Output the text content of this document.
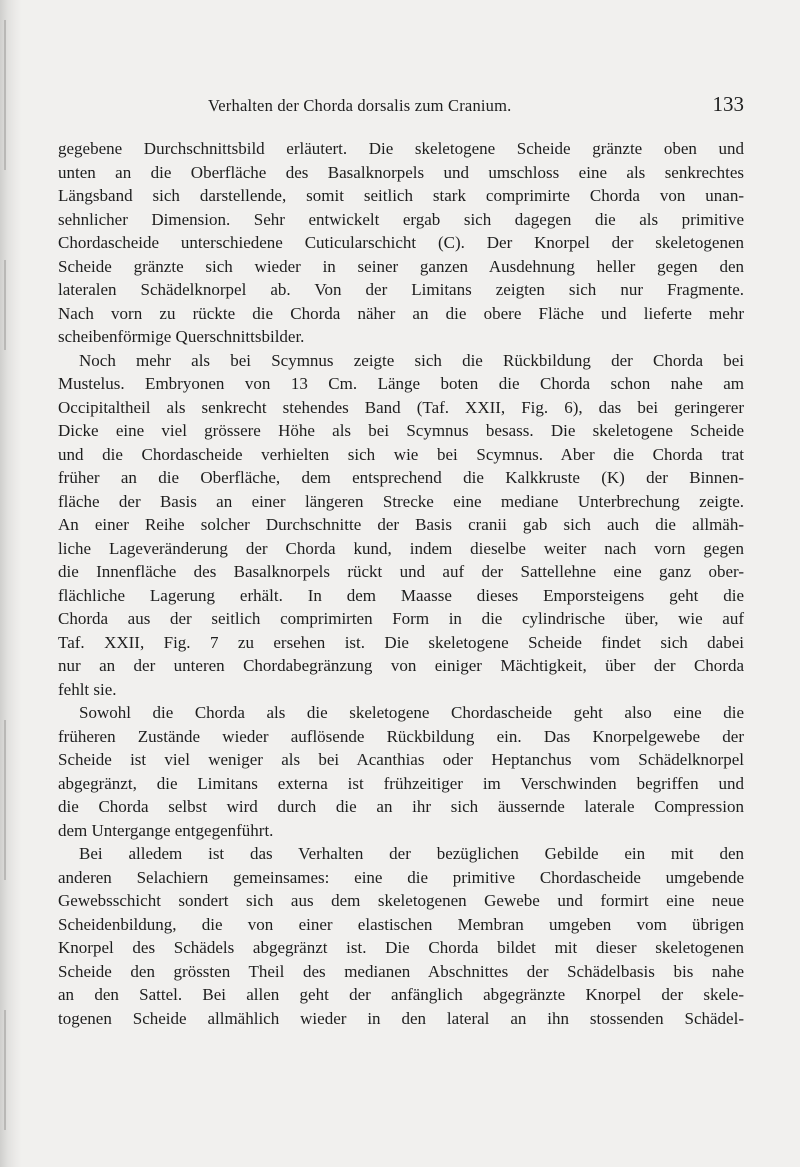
Verhalten der Chorda dorsalis zum Cranium.	133
gegebene Durchschnittsbild erläutert. Die skeletogene Scheide gränzte oben und
unten an die Oberfläche des Basalknorpels und umschloss eine als senkrechtes
Längsband sich darstellende, somit seitlich stark comprimirte Chorda von unan-
sehnlicher Dimension. Sehr entwickelt ergab sich dagegen die als primitive
Chordascheide unterschiedene Cuticularschicht (C). Der Knorpel der skeletogenen
Scheide gränzte sich wieder in seiner ganzen Ausdehnung heller gegen den
lateralen Schädelknorpel ab. Von der Limitans zeigten sich nur Fragmente.
Nach vorn zu rückte die Chorda näher an die obere Fläche und lieferte mehr
scheibenförmige Querschnittsbilder.
Noch mehr als bei Scymnus zeigte sich die Rückbildung der Chorda bei
Mustelus. Embryonen von 13 Cm. Länge boten die Chorda schon nahe am
Occipitaltheil als senkrecht stehendes Band (Taf. XXII, Fig. 6), das bei geringerer
Dicke eine viel grössere Höhe als bei Scymnus besass. Die skeletogene Scheide
und die Chordascheide verhielten sich wie bei Scymnus. Aber die Chorda trat
früher an die Oberfläche, dem entsprechend die Kalkkruste (K) der Binnen-
fläche der Basis an einer längeren Strecke eine mediane Unterbrechung zeigte.
An einer Reihe solcher Durchschnitte der Basis cranii gab sich auch die allmäh-
liche Lageveränderung der Chorda kund, indem dieselbe weiter nach vorn gegen
die Innenfläche des Basalknorpels rückt und auf der Sattellehne eine ganz ober-
flächliche Lagerung erhält. In dem Maasse dieses Emporsteigens geht die
Chorda aus der seitlich comprimirten Form in die cylindrische über, wie auf
Taf. XXII, Fig. 7 zu ersehen ist. Die skeletogene Scheide findet sich dabei
nur an der unteren Chordabegränzung von einiger Mächtigkeit, über der Chorda
fehlt sie.
Sowohl die Chorda als die skeletogene Chordascheide geht also eine die
früheren Zustände wieder auflösende Rückbildung ein. Das Knorpelgewebe der
Scheide ist viel weniger als bei Acanthias oder Heptanchus vom Schädelknorpel
abgegränzt, die Limitans externa ist frühzeitiger im Verschwinden begriffen und
die Chorda selbst wird durch die an ihr sich äussernde laterale Compression
dem Untergange entgegenführt.
Bei alledem ist das Verhalten der bezüglichen Gebilde ein mit den
anderen Selachiern gemeinsames: eine die primitive Chordascheide umgebende
Gewebsschicht sondert sich aus dem skeletogenen Gewebe und formirt eine neue
Scheidenbildung, die von einer elastischen Membran umgeben vom übrigen
Knorpel des Schädels abgegränzt ist. Die Chorda bildet mit dieser skeletogenen
Scheide den grössten Theil des medianen Abschnittes der Schädelbasis bis nahe
an den Sattel. Bei allen geht der anfänglich abgegränzte Knorpel der skele-
togenen Scheide allmählich wieder in den lateral an ihn stossenden Schädel-
